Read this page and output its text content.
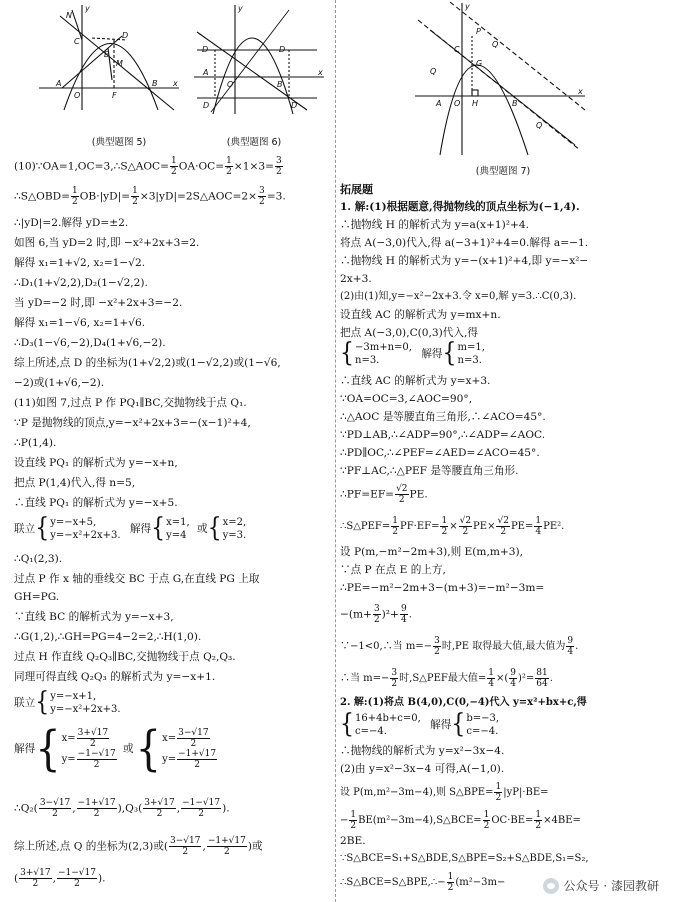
y
N
C
D
E
M
A
O	F
B x
(典型题图 5)
y
D	D
A
O	B
x
D	D
(典型题图 6)
(10)∵OA=1,OC=3,∴S△AOC= $\frac{1}{2} OA\cdot OC= \frac{1}{2} \times 1\times 3= \frac{3}{2}$
∴S△OBD= $\frac{1}{2} OB\cdot|yD|= \frac{1}{2}$ ×3|yD|=2S△AOC=2× $\frac{3}{2} =3$.
∴|yD|=2.解得 yD=±2.
如图 6,当 yD=2 时,即 −x²+2x+3=2.
解得 x₁=1+√2, x₂=1−√2.
∴D₁(1+√2,2),D₂(1−√2,2).
当 yD=−2 时,即 −x²+2x+3=−2.
解得 x₁=1−√6, x₂=1+√6.
∴D₃(1−√6,−2),D₄(1+√6,−2).
综上所述,点 D 的坐标为(1+√2,2)或(1−√2,2)或(1−√6,
−2)或(1+√6,−2).
(11)如图 7,过点 P 作 PQ₁∥BC,交抛物线于点 Q₁.
∵P 是抛物线的顶点,y=−x²+2x+3=−(x−1)²+4,
∴P(1,4).
设直线 PQ₁ 的解析式为 y=−x+n,
把点 P(1,4)代入,得 n=5,
∴直线 PQ₁ 的解析式为 y=−x+5.
联立{y=−x+5,
y=−x²+2x+3. 解得{x=1,
y=4 或{x=2,
y=3.
∴Q₁(2,3).
过点 P 作 x 轴的垂线交 BC 于点 G,在直线 PG 上取
GH=PG.
∵直线 BC 的解析式为 y=−x+3,
∴G(1,2),∴GH=PG=4−2=2,∴H(1,0).
过点 H 作直线 Q₂Q₃∥BC,交抛物线于点 Q₂,Q₃.
同理可得直线 Q₂Q₃ 的解析式为 y=−x+1.
联立{y=−x+1,
y=−x²+2x+3.
解得{$x= \frac{3+√17}{2}$

$y= \frac{-1-√17}{2}$ 或{$x= \frac{3-√17}{2}$

$y= \frac{-1+√17}{2}$
∴Q₂( $\frac{3-√17}{2}$ , $\frac{-1+√17}{2} ),Q_3( \frac{3+√17}{2}$ , $\frac{-1-√17}{2}$ ).
综上所述,点 Q 的坐标为(2,3)或( $\frac{3-√17}{2}$ , $\frac{-1+√17}{2}$ )或
( $\frac{3+√17}{2}$ , $\frac{-1-√17}{2}$ ).
y
P
Q
C
G
Q
A O H	B
x
Q
(典型题图 7)
拓展题
1. 解:(1)根据题意,得抛物线的顶点坐标为(−1,4).
∴抛物线 H 的解析式为 y=a(x+1)²+4.
将点 A(−3,0)代入,得 a(−3+1)²+4=0.解得 a=−1.
∴抛物线 H 的解析式为 y=−(x+1)²+4,即 y=−x²−
2x+3.
(2)由(1)知,y=−x²−2x+3.令 x=0,解 y=3.∴C(0,3).
设直线 AC 的解析式为 y=mx+n.
把点 A(−3,0),C(0,3)代入,得
{−3m+n=0,
n=3. 解得{m=1,
n=3.
∴直线 AC 的解析式为 y=x+3.
∵OA=OC=3,∠AOC=90°,
∴△AOC 是等腰直角三角形,∴∠ACO=45°.
∵PD⊥AB,∴∠ADP=90°,∴∠ADP=∠AOC.
∴PD∥OC,∴∠PEF=∠AED=∠ACO=45°.
∵PF⊥AC,∴△PEF 是等腰直角三角形.
∴PF=EF= $\frac{√2}{2}$ PE.
∴S△PEF= $\frac{1}{2} PF\cdot EF= \frac{1}{2} \times \frac{√2}{2} PE\times \frac{√2}{2} PE= \frac{1}{4} PE^2$.
设 P(m,−m²−2m+3),则 E(m,m+3),
∵点 P 在点 E 的上方,
∴PE=−m²−2m+3−(m+3)=−m²−3m=
$-(m+ \frac{3}{2} )^2+ \frac{9}{4}$ .
∵−1<0,∴当 $m=- \frac{3}{2}$ 时,PE 取得最大值,最大值为 $\frac{9}{4}$ .
∴当 $m=- \frac{3}{2}$ 时,S△PEF最大值= $\frac{1}{4}$ ×( $\frac{9}{4} )^2= \frac{81}{64}$ .
2. 解:(1)将点 B(4,0),C(0,−4)代入 y=x²+bx+c,得
{16+4b+c=0,
c=−4. 解得{b=−3,
c=−4.
∴抛物线的解析式为 y=x²−3x−4.
(2)由 y=x²−3x−4 可得,A(−1,0).
设 P(m,m²−3m−4),则 S△BPE= $\frac{1}{2} |yP|\cdot BE=$
− $\frac{1}{2}$ BE(m²−3m−4),S△BCE= $\frac{1}{2} OC\cdot BE= \frac{1}{2} \times 4BE=$
2BE.
∵S△BCE=S₁+S△BDE,S△BPE=S₂+S△BDE,S₁=S₂,
∴S△BCE=S△BPE,∴− $\frac{1}{2} (m^2-3m-$	公众号 · 漆园教研
